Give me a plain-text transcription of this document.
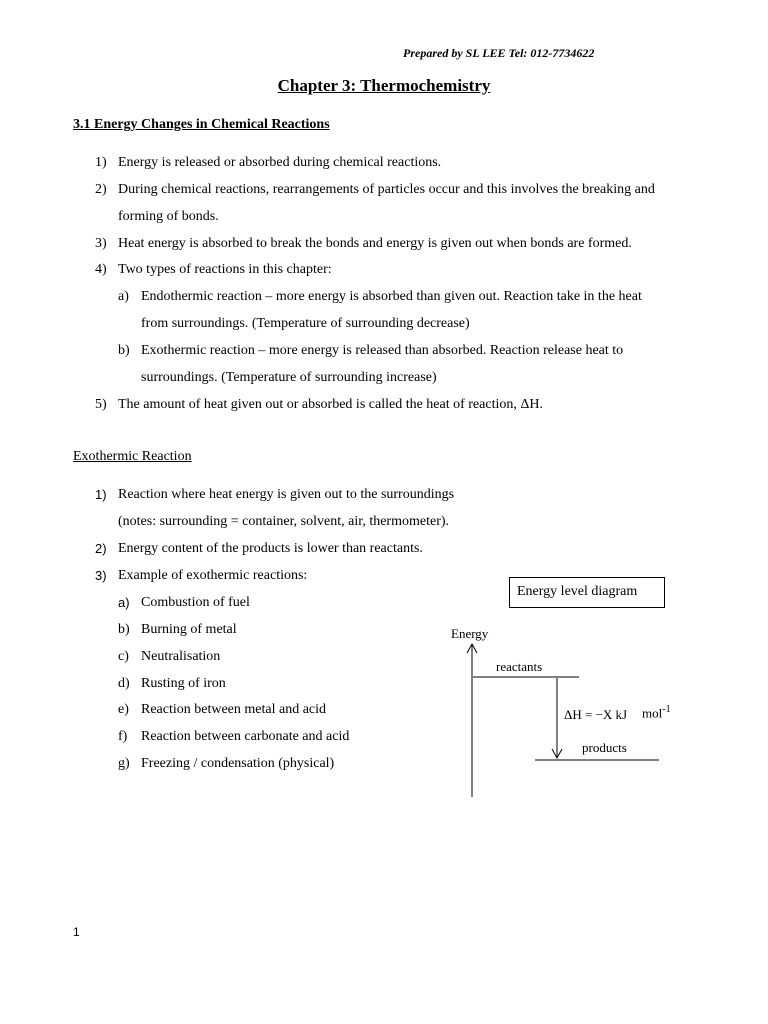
Prepared by SL LEE Tel: 012-7734622
Chapter 3: Thermochemistry
3.1 Energy Changes in Chemical Reactions
1) Energy is released or absorbed during chemical reactions.
2) During chemical reactions, rearrangements of particles occur and this involves the breaking and
forming of bonds.
3) Heat energy is absorbed to break the bonds and energy is given out when bonds are formed.
4) Two types of reactions in this chapter:
a) Endothermic reaction – more energy is absorbed than given out. Reaction take in the heat
from surroundings. (Temperature of surrounding decrease)
b) Exothermic reaction – more energy is released than absorbed. Reaction release heat to
surroundings. (Temperature of surrounding increase)
5) The amount of heat given out or absorbed is called the heat of reaction, ΔH.
Exothermic Reaction
1) Reaction where heat energy is given out to the surroundings
(notes: surrounding = container, solvent, air, thermometer).
2) Energy content of the products is lower than reactants.
3) Example of exothermic reactions:
a) Combustion of fuel
b) Burning of metal
c) Neutralisation
d) Rusting of iron
e) Reaction between metal and acid
f) Reaction between carbonate and acid
g) Freezing / condensation (physical)
Energy level diagram
Energy
reactants
ΔH = −X kJ mol$^{-1}$
products
1
